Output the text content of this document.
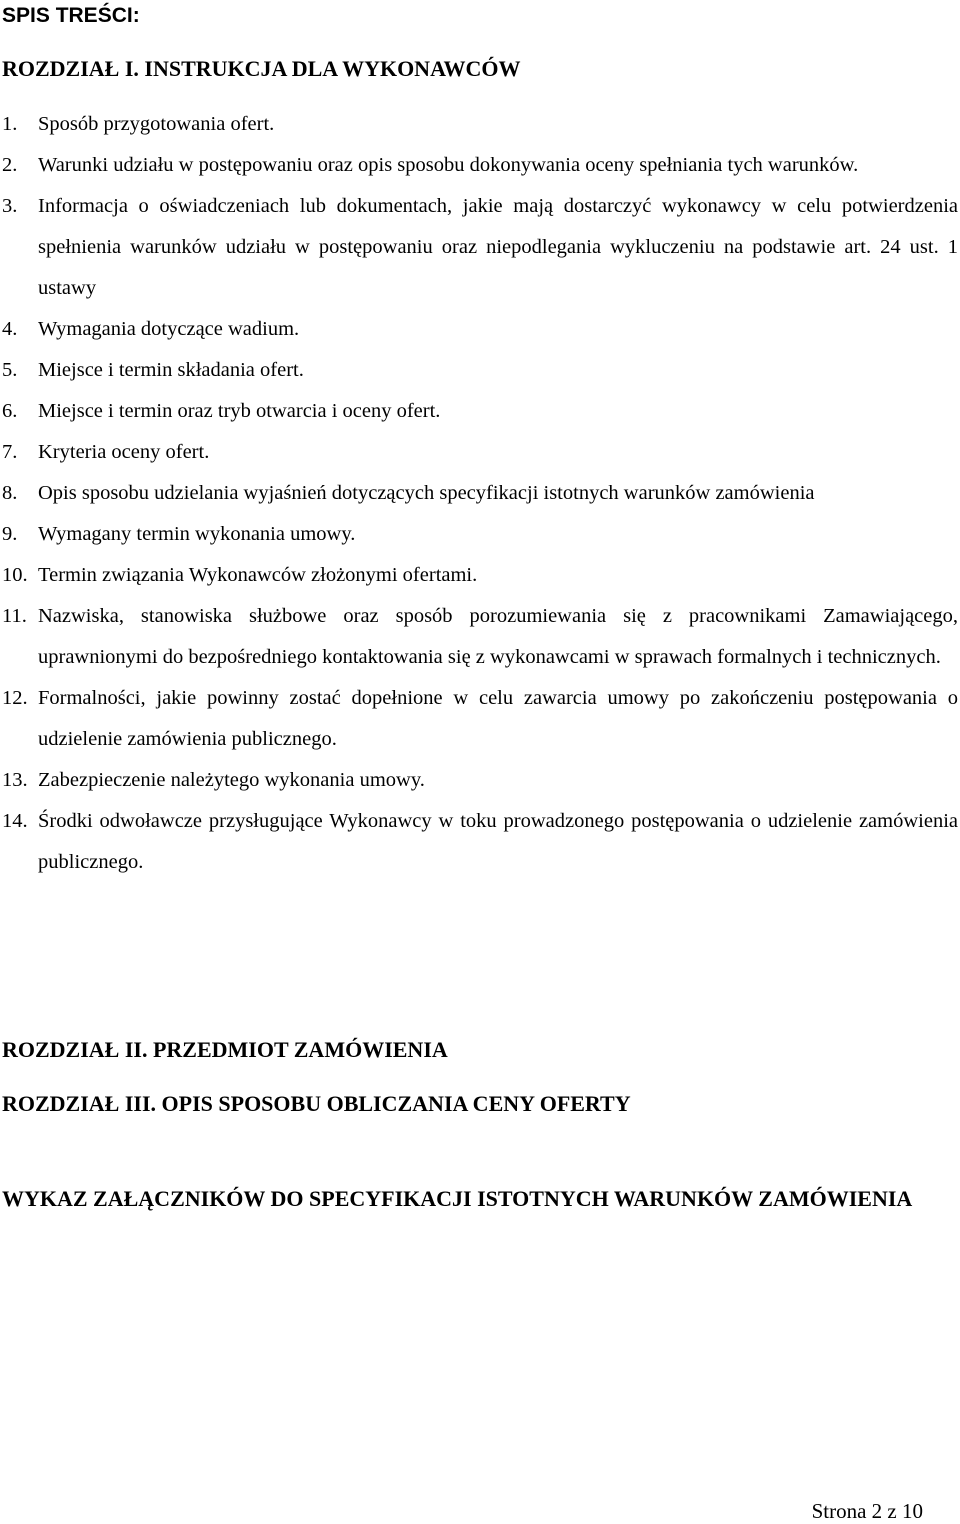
SPIS TREŚCI:
ROZDZIAŁ I. INSTRUKCJA DLA WYKONAWCÓW
1. Sposób przygotowania ofert.
2. Warunki udziału w postępowaniu oraz opis sposobu dokonywania oceny spełniania tych warunków.
3. Informacja o oświadczeniach lub dokumentach, jakie mają dostarczyć wykonawcy w celu potwierdzenia spełnienia warunków udziału w postępowaniu oraz niepodlegania wykluczeniu na podstawie art. 24 ust. 1 ustawy
4. Wymagania dotyczące wadium.
5. Miejsce i termin składania ofert.
6. Miejsce i termin oraz tryb otwarcia i oceny ofert.
7. Kryteria oceny ofert.
8. Opis sposobu udzielania wyjaśnień dotyczących specyfikacji istotnych warunków zamówienia
9. Wymagany termin wykonania umowy.
10. Termin związania Wykonawców złożonymi ofertami.
11. Nazwiska, stanowiska służbowe oraz sposób porozumiewania się z pracownikami Zamawiającego, uprawnionymi do bezpośredniego kontaktowania się z wykonawcami w sprawach formalnych i technicznych.
12. Formalności, jakie powinny zostać dopełnione w celu zawarcia umowy po zakończeniu postępowania o udzielenie zamówienia publicznego.
13. Zabezpieczenie należytego wykonania umowy.
14. Środki odwoławcze przysługujące Wykonawcy w toku prowadzonego postępowania o udzielenie zamówienia publicznego.
ROZDZIAŁ II. PRZEDMIOT ZAMÓWIENIA
ROZDZIAŁ III. OPIS SPOSOBU OBLICZANIA CENY OFERTY
WYKAZ ZAŁĄCZNIKÓW DO SPECYFIKACJI ISTOTNYCH WARUNKÓW ZAMÓWIENIA
Strona 2 z 10
